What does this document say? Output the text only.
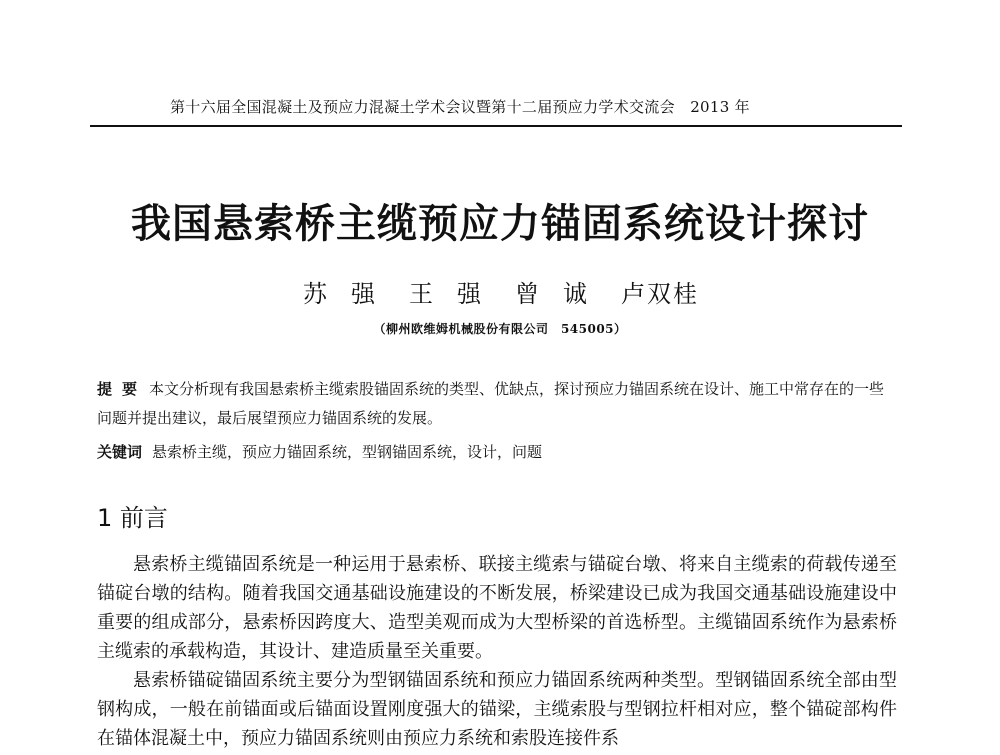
第十六届全国混凝土及预应力混凝土学术会议暨第十二届预应力学术交流会　2013 年
我国悬索桥主缆预应力锚固系统设计探讨
苏强 王强 曾诚 卢双桂
（柳州欧维姆机械股份有限公司　545005）
提要 本文分析现有我国悬索桥主缆索股锚固系统的类型、优缺点，探讨预应力锚固系统在设计、施工中常存在的一些问题并提出建议，最后展望预应力锚固系统的发展。
关键词 悬索桥主缆，预应力锚固系统，型钢锚固系统，设计，问题
1 前言

悬索桥主缆锚固系统是一种运用于悬索桥、联接主缆索与锚碇台墩、将来自主缆索的荷载传递至锚碇台墩的结构。随着我国交通基础设施建设的不断发展，桥梁建设已成为我国交通基础设施建设中重要的组成部分，悬索桥因跨度大、造型美观而成为大型桥梁的首选桥型。主缆锚固系统作为悬索桥主缆索的承载构造，其设计、建造质量至关重要。

悬索桥锚碇锚固系统主要分为型钢锚固系统和预应力锚固系统两种类型。型钢锚固系统全部由型钢构成，一般在前锚面或后锚面设置刚度强大的锚梁，主缆索股与型钢拉杆相对应，整个锚碇部构件在锚体混凝土中，预应力锚固系统则由预应力系统和索股连接件系
